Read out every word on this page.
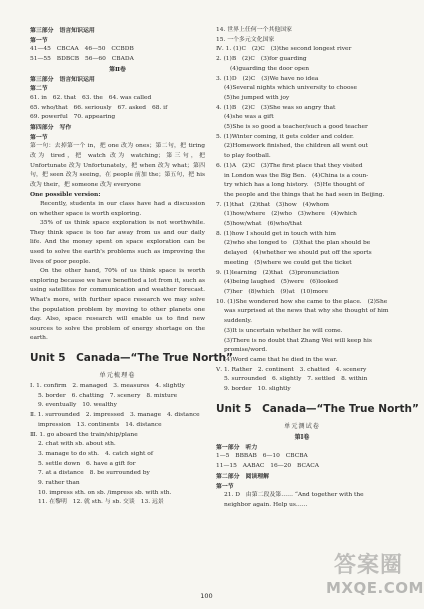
第三部分　语言知识运用
第一节
41—45　CBCAA　46—50　CCBDB
51—55　BDBCB　56—60　CBADA
第Ⅱ卷
第三部分　语言知识运用
第二节
61. in　62. that　63. the　64. was called
65. who/that　66. seriously　67. asked　68. if
69. powerful　70. appearing
第四部分　写作
第一节
第一句：去掉第一个 in，把 one 改为 ones；第二句，把 tiring 改为 tired，把 watch 改为 watching；第三句，把 Unfortunate 改为 Unfortunately，把 when 改为 what；第四句，把 seen 改为 seeing，在 people 前加 the；第五句，把 his 改为 their，把 someone 改为 everyone
One possible version:
Recently, students in our class have had a discussion on whether space is worth exploring.
35% of us think space exploration is not worthwhile. They think space is too far away from us and our daily life. And the money spent on space exploration can be used to solve the earth's problems such as improving the lives of poor people.
On the other hand, 70% of us think space is worth exploring because we have benefited a lot from it, such as using satellites for communication and weather forecast. What's more, with further space research we may solve the population problem by moving to other planets one day. Also, space research will enable us to find new sources to solve the problem of energy shortage on the earth.
Unit 5　Canada—“The True North”
单元梳理卷
Ⅰ. 1. confirm　2. managed　3. measures　4. slightly
5. border　6. chatting　7. scenery　8. mixture
9. eventually　10. wealthy
Ⅱ. 1. surrounded　2. impressed　3. manage　4. distance
impression　13. continents　14. distance
Ⅲ. 1. go aboard the train/ship/plane
2. chat with sb. about sth.
3. manage to do sth.　4. catch sight of
5. settle down　6. have a gift for
7. at a distance　8. be surrounded by
9. rather than
10. impress sth. on sb. /impress sb. with sth.
11. 在黎明　12. 就 sth. 与 sb. 交谈　13. 远景
14. 世界上任何一个其他国家
15. 一个多元文化国家
Ⅳ. 1. (1)C　(2)C　(3)the second longest river
2. (1)B　(2)C　(3)for guarding
(4)guarding the door open
3. (1)D　(2)C　(3)We have no idea
(4)Several nights which university to choose
(5)he jumped with joy
4. (1)B　(2)C　(3)She was so angry that
(4)she was a gift
(5)She is so good a teacher/such a good teacher
5. (1)Winter coming, it gets colder and colder.
(2)Homework finished, the children all went out
to play football.
6. (1)A　(2)C　(3)The first place that they visited
in London was the Big Ben.　(4)China is a coun-
try which has a long history.　(5)He thought of
the people and the things that he had seen in Beijing.
7. (1)that　(2)that　(3)how　(4)whom
(1)how/where　(2)who　(3)where　(4)which
(5)how/what　(6)who/that
8. (1)how I should get in touch with him
(2)who she longed to　(3)that the plan should be
delayed　(4)whether we should put off the sports
meeting　(5)where we could get the ticket
9. (1)learning　(2)that　(3)pronunciation
(4)being laughed　(5)were　(6)looked
(7)her　(8)which　(9)at　(10)more
10. (1)She wondered how she came to the place.　(2)She
was surprised at the news that why she thought of him
suddenly.
(3)It is uncertain whether he will come.
(3)There is no doubt that Zhang Wei will keep his
promise/word.
(4)Word came that he died in the war.
Ⅴ. 1. Rather　2. continent　3. chatted　4. scenery
5. surrounded　6. slightly　7. settled　8. within
9. border　10. slightly
Unit 5　Canada—“The True North”
单元测试卷
第Ⅰ卷
第一部分　听力
1—5　BBBAB　6—10　CBCBA
11—15　AABAC　16—20　BCACA
第二部分　阅读理解
第一节
21. D　由第二段及第…… “And together with the
neighbor again. Help us……
100
答案圈
MXQE.COM
